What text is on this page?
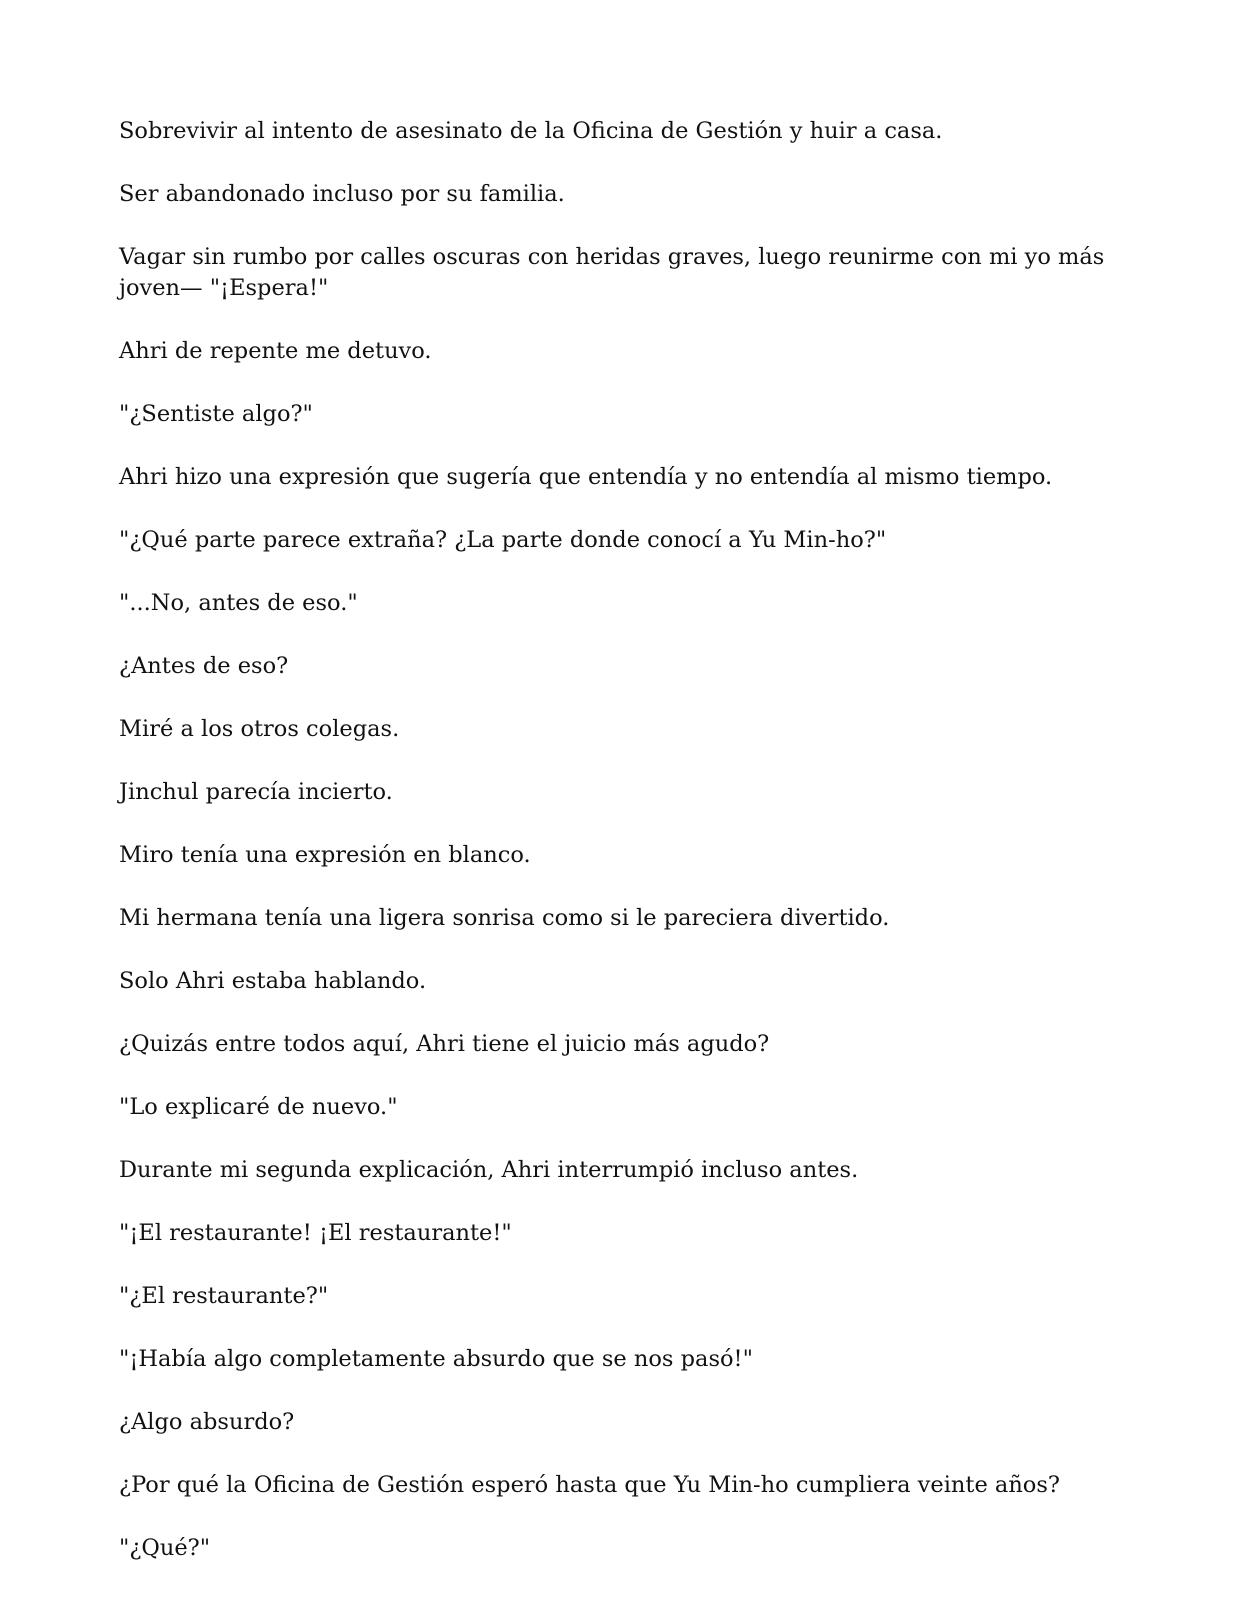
Sobrevivir al intento de asesinato de la Oficina de Gestión y huir a casa.

Ser abandonado incluso por su familia.

Vagar sin rumbo por calles oscuras con heridas graves, luego reunirme con mi yo más joven— "¡Espera!"

Ahri de repente me detuvo.

"¿Sentiste algo?"

Ahri hizo una expresión que sugería que entendía y no entendía al mismo tiempo.

"¿Qué parte parece extraña? ¿La parte donde conocí a Yu Min-ho?"

"...No, antes de eso."

¿Antes de eso?

Miré a los otros colegas.

Jinchul parecía incierto.

Miro tenía una expresión en blanco.

Mi hermana tenía una ligera sonrisa como si le pareciera divertido.

Solo Ahri estaba hablando.

¿Quizás entre todos aquí, Ahri tiene el juicio más agudo?

"Lo explicaré de nuevo."

Durante mi segunda explicación, Ahri interrumpió incluso antes.

"¡El restaurante! ¡El restaurante!"

"¿El restaurante?"

"¡Había algo completamente absurdo que se nos pasó!"

¿Algo absurdo?

¿Por qué la Oficina de Gestión esperó hasta que Yu Min-ho cumpliera veinte años?

"¿Qué?"
